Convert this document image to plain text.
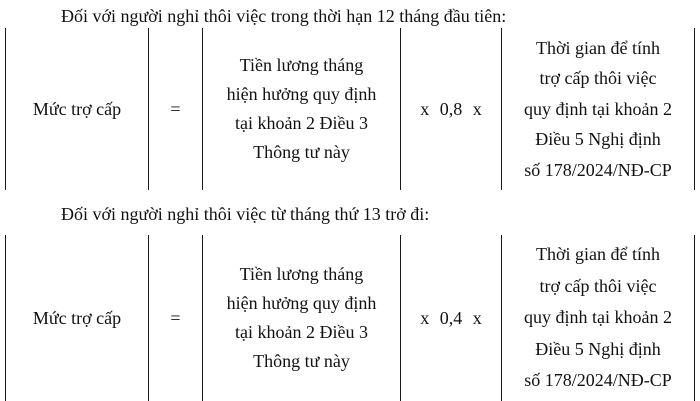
Đối với người nghỉ thôi việc trong thời hạn 12 tháng đầu tiên:
Mức trợ cấp	=
Tiền lương tháng
hiện hưởng quy định
tại khoản 2 Điều 3
Thông tư này
x 0,8 x
Thời gian để tính
trợ cấp thôi việc
quy định tại khoản 2
Điều 5 Nghị định
số 178/2024/NĐ-CP
Đối với người nghỉ thôi việc từ tháng thứ 13 trở đi:
Mức trợ cấp	=
Tiền lương tháng
hiện hưởng quy định
tại khoản 2 Điều 3
Thông tư này
x 0,4 x
Thời gian để tính
trợ cấp thôi việc
quy định tại khoản 2
Điều 5 Nghị định
số 178/2024/NĐ-CP
